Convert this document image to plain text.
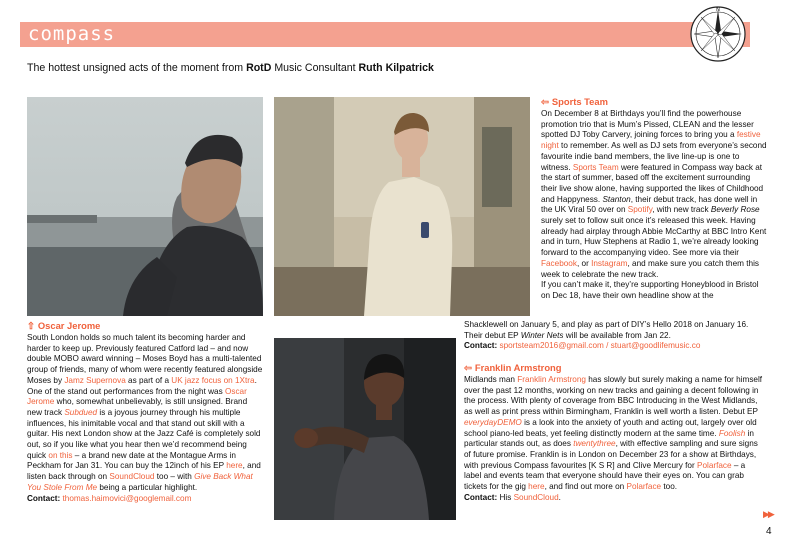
compass
N
The hottest unsigned acts of the moment from RotD Music Consultant Ruth Kilpatrick
⇦ Sports Team

On December 8 at Birthdays you’ll find the powerhouse promotion trio that is Mum’s Pissed, CLEAN and the lesser spotted DJ Toby Carvery, joining forces to bring you a festive night to remember. As well as DJ sets from everyone’s second favourite indie band members, the live line-up is one to witness. Sports Team were featured in Compass way back at the start of summer, based off the excitement surrounding their live show alone, having supported the likes of Childhood and Happyness. Stanton, their debut track, has done well in the UK Viral 50 over on Spotify, with new track Beverly Rose surely set to follow suit once it’s released this week. Having already had airplay through Abbie McCarthy at BBC Intro Kent and in turn, Huw Stephens at Radio 1, we’re already looking forward to the accompanying video. See more via their Facebook, or Instagram, and make sure you catch them this week to celebrate the new track.

If you can’t make it, they’re supporting Honeyblood in Bristol on Dec 18, have their own headline show at the

Shacklewell on January 5, and play as part of DIY’s Hello 2018 on January 16. Their debut EP Winter Nets will be available from Jan 22.

Contact: sportsteam2016@gmail.com / stuart@goodlifemusic.co

⇧ Oscar Jerome

South London holds so much talent its becoming harder and harder to keep up. Previously featured Catford lad – and now double MOBO award winning – Moses Boyd has a multi-talented group of friends, many of whom were recently featured alongside Moses by Jamz Supernova as part of a UK jazz focus on 1Xtra. One of the stand out performances from the night was Oscar Jerome who, somewhat unbelievably, is still unsigned. Brand new track Subdued is a joyous journey through his multiple influences, his inimitable vocal and that stand out skill with a guitar. His next London show at the Jazz Café is completely sold out, so if you like what you hear then we’d recommend being quick on this – a brand new date at the Montague Arms in Peckham for Jan 31. You can buy the 12inch of his EP here, and listen back through on SoundCloud too – with Give Back What You Stole From Me being a particular highlight.

Contact: thomas.haimovici@googlemail.com

⇦ Franklin Armstrong

Midlands man Franklin Armstrong has slowly but surely making a name for himself over the past 12 months, working on new tracks and gaining a decent following in the process. With plenty of coverage from BBC Introducing in the West Midlands, as well as print press within Birmingham, Franklin is well worth a listen. Debut EP everydayDEMO is a look into the anxiety of youth and acting out, largely over old school piano-led beats, yet feeling distinctly modern at the same time. Foolish in particular stands out, as does twentythree, with effective sampling and sure signs of future promise. Franklin is in London on December 23 for a show at Birthdays, with previous Compass favourites [K S R] and Clive Mercury for Polarface – a label and events team that everyone should have their eyes on. You can grab tickets for the gig here, and find out more on Polarface too.

Contact: His SoundCloud.

▶▶
4
